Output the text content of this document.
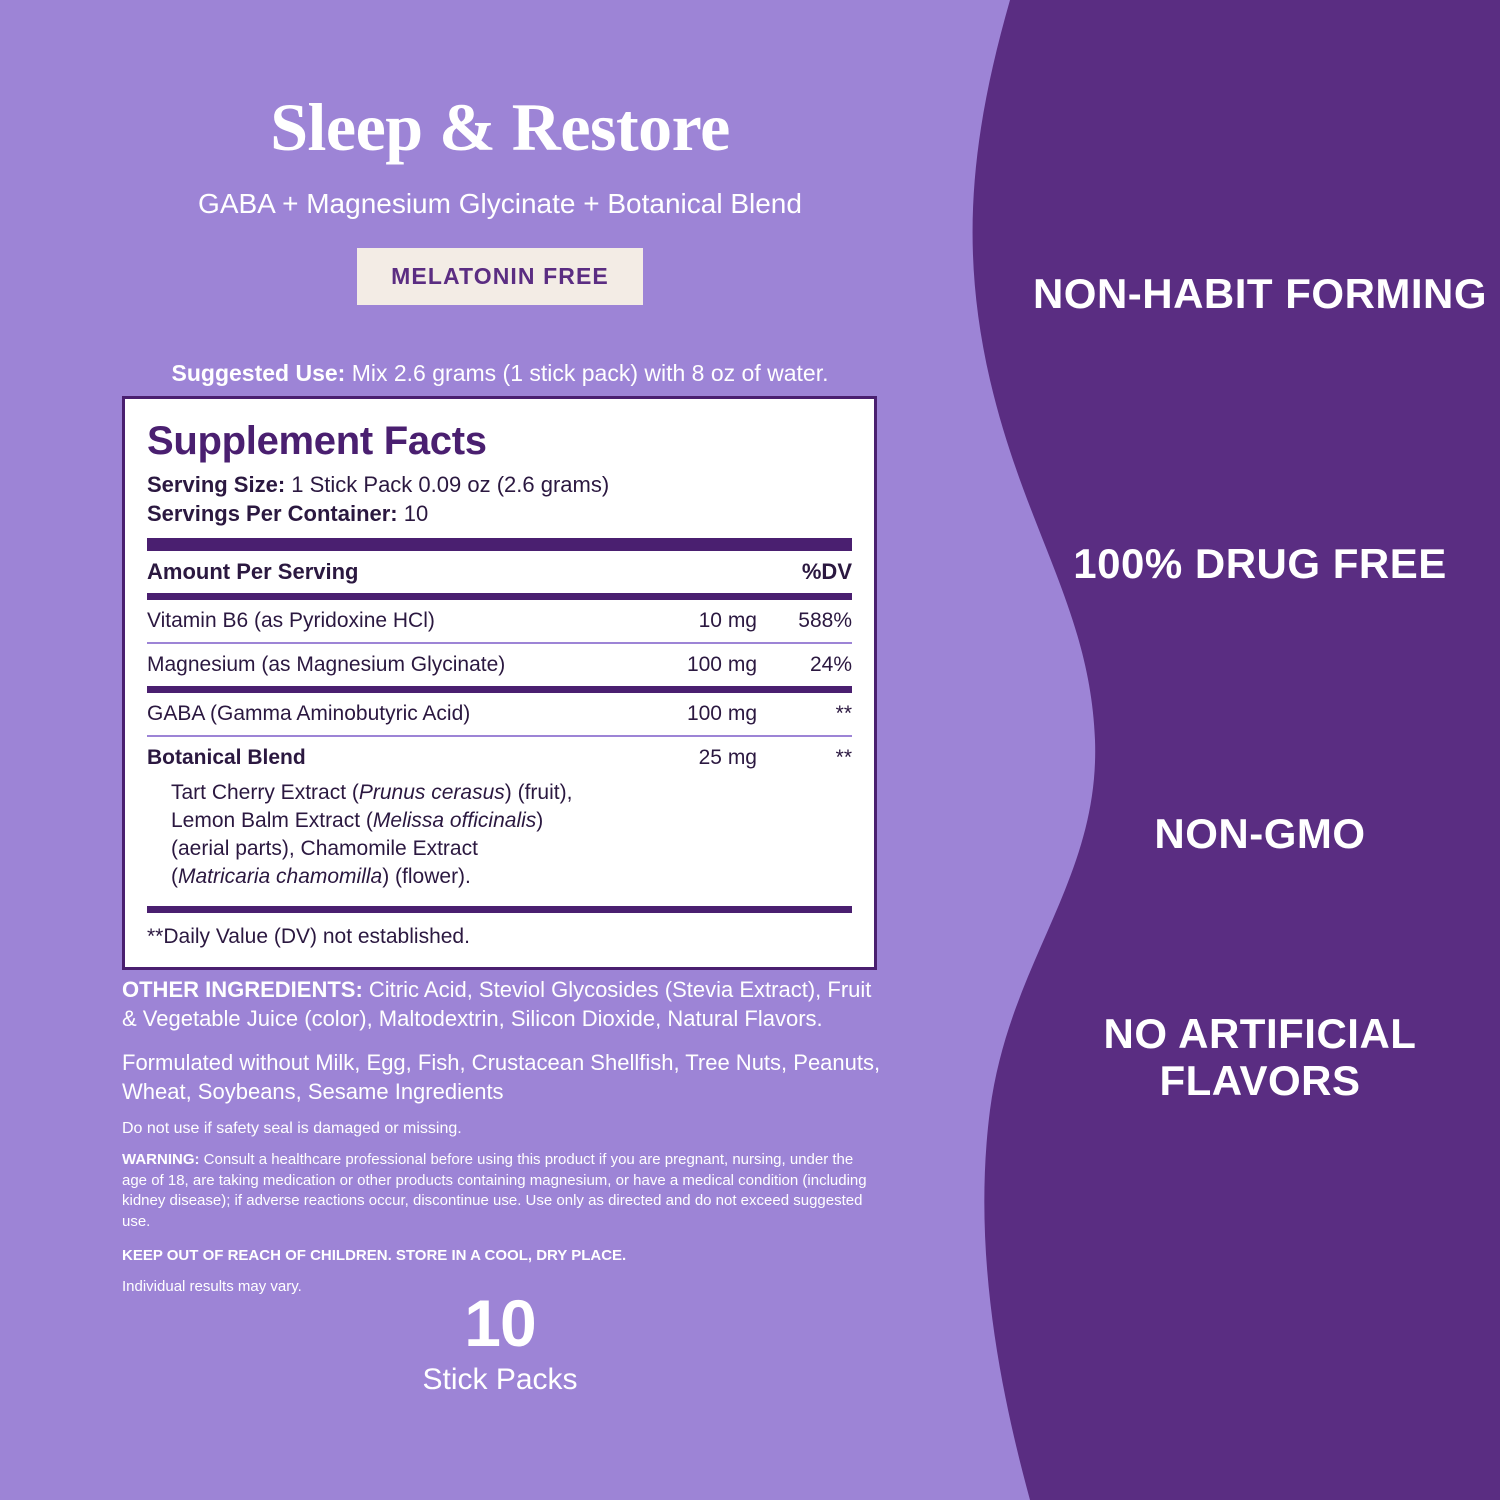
NON-HABIT FORMING
100% DRUG FREE
NON-GMO
NO ARTIFICIAL FLAVORS
Sleep & Restore
GABA + Magnesium Glycinate + Botanical Blend
MELATONIN FREE
Suggested Use: Mix 2.6 grams (1 stick pack) with 8 oz of water.
Supplement Facts
Serving Size: 1 Stick Pack 0.09 oz (2.6 grams)
Servings Per Container: 10
Amount Per Serving	%DV
Vitamin B6 (as Pyridoxine HCl)	10 mg	588%
Magnesium (as Magnesium Glycinate)	100 mg	24%
GABA (Gamma Aminobutyric Acid)	100 mg	**
Botanical Blend	25 mg	**
Tart Cherry Extract (Prunus cerasus) (fruit),
Lemon Balm Extract (Melissa officinalis)
(aerial parts), Chamomile Extract
(Matricaria chamomilla) (flower).
**Daily Value (DV) not established.
OTHER INGREDIENTS: Citric Acid, Steviol Glycosides (Stevia Extract), Fruit & Vegetable Juice (color), Maltodextrin, Silicon Dioxide, Natural Flavors.
Formulated without Milk, Egg, Fish, Crustacean Shellfish, Tree Nuts, Peanuts, Wheat, Soybeans, Sesame Ingredients
Do not use if safety seal is damaged or missing.
WARNING: Consult a healthcare professional before using this product if you are pregnant, nursing, under the age of 18, are taking medication or other products containing magnesium, or have a medical condition (including kidney disease); if adverse reactions occur, discontinue use. Use only as directed and do not exceed suggested use.
KEEP OUT OF REACH OF CHILDREN. STORE IN A COOL, DRY PLACE.
Individual results may vary.	10
Stick Packs
